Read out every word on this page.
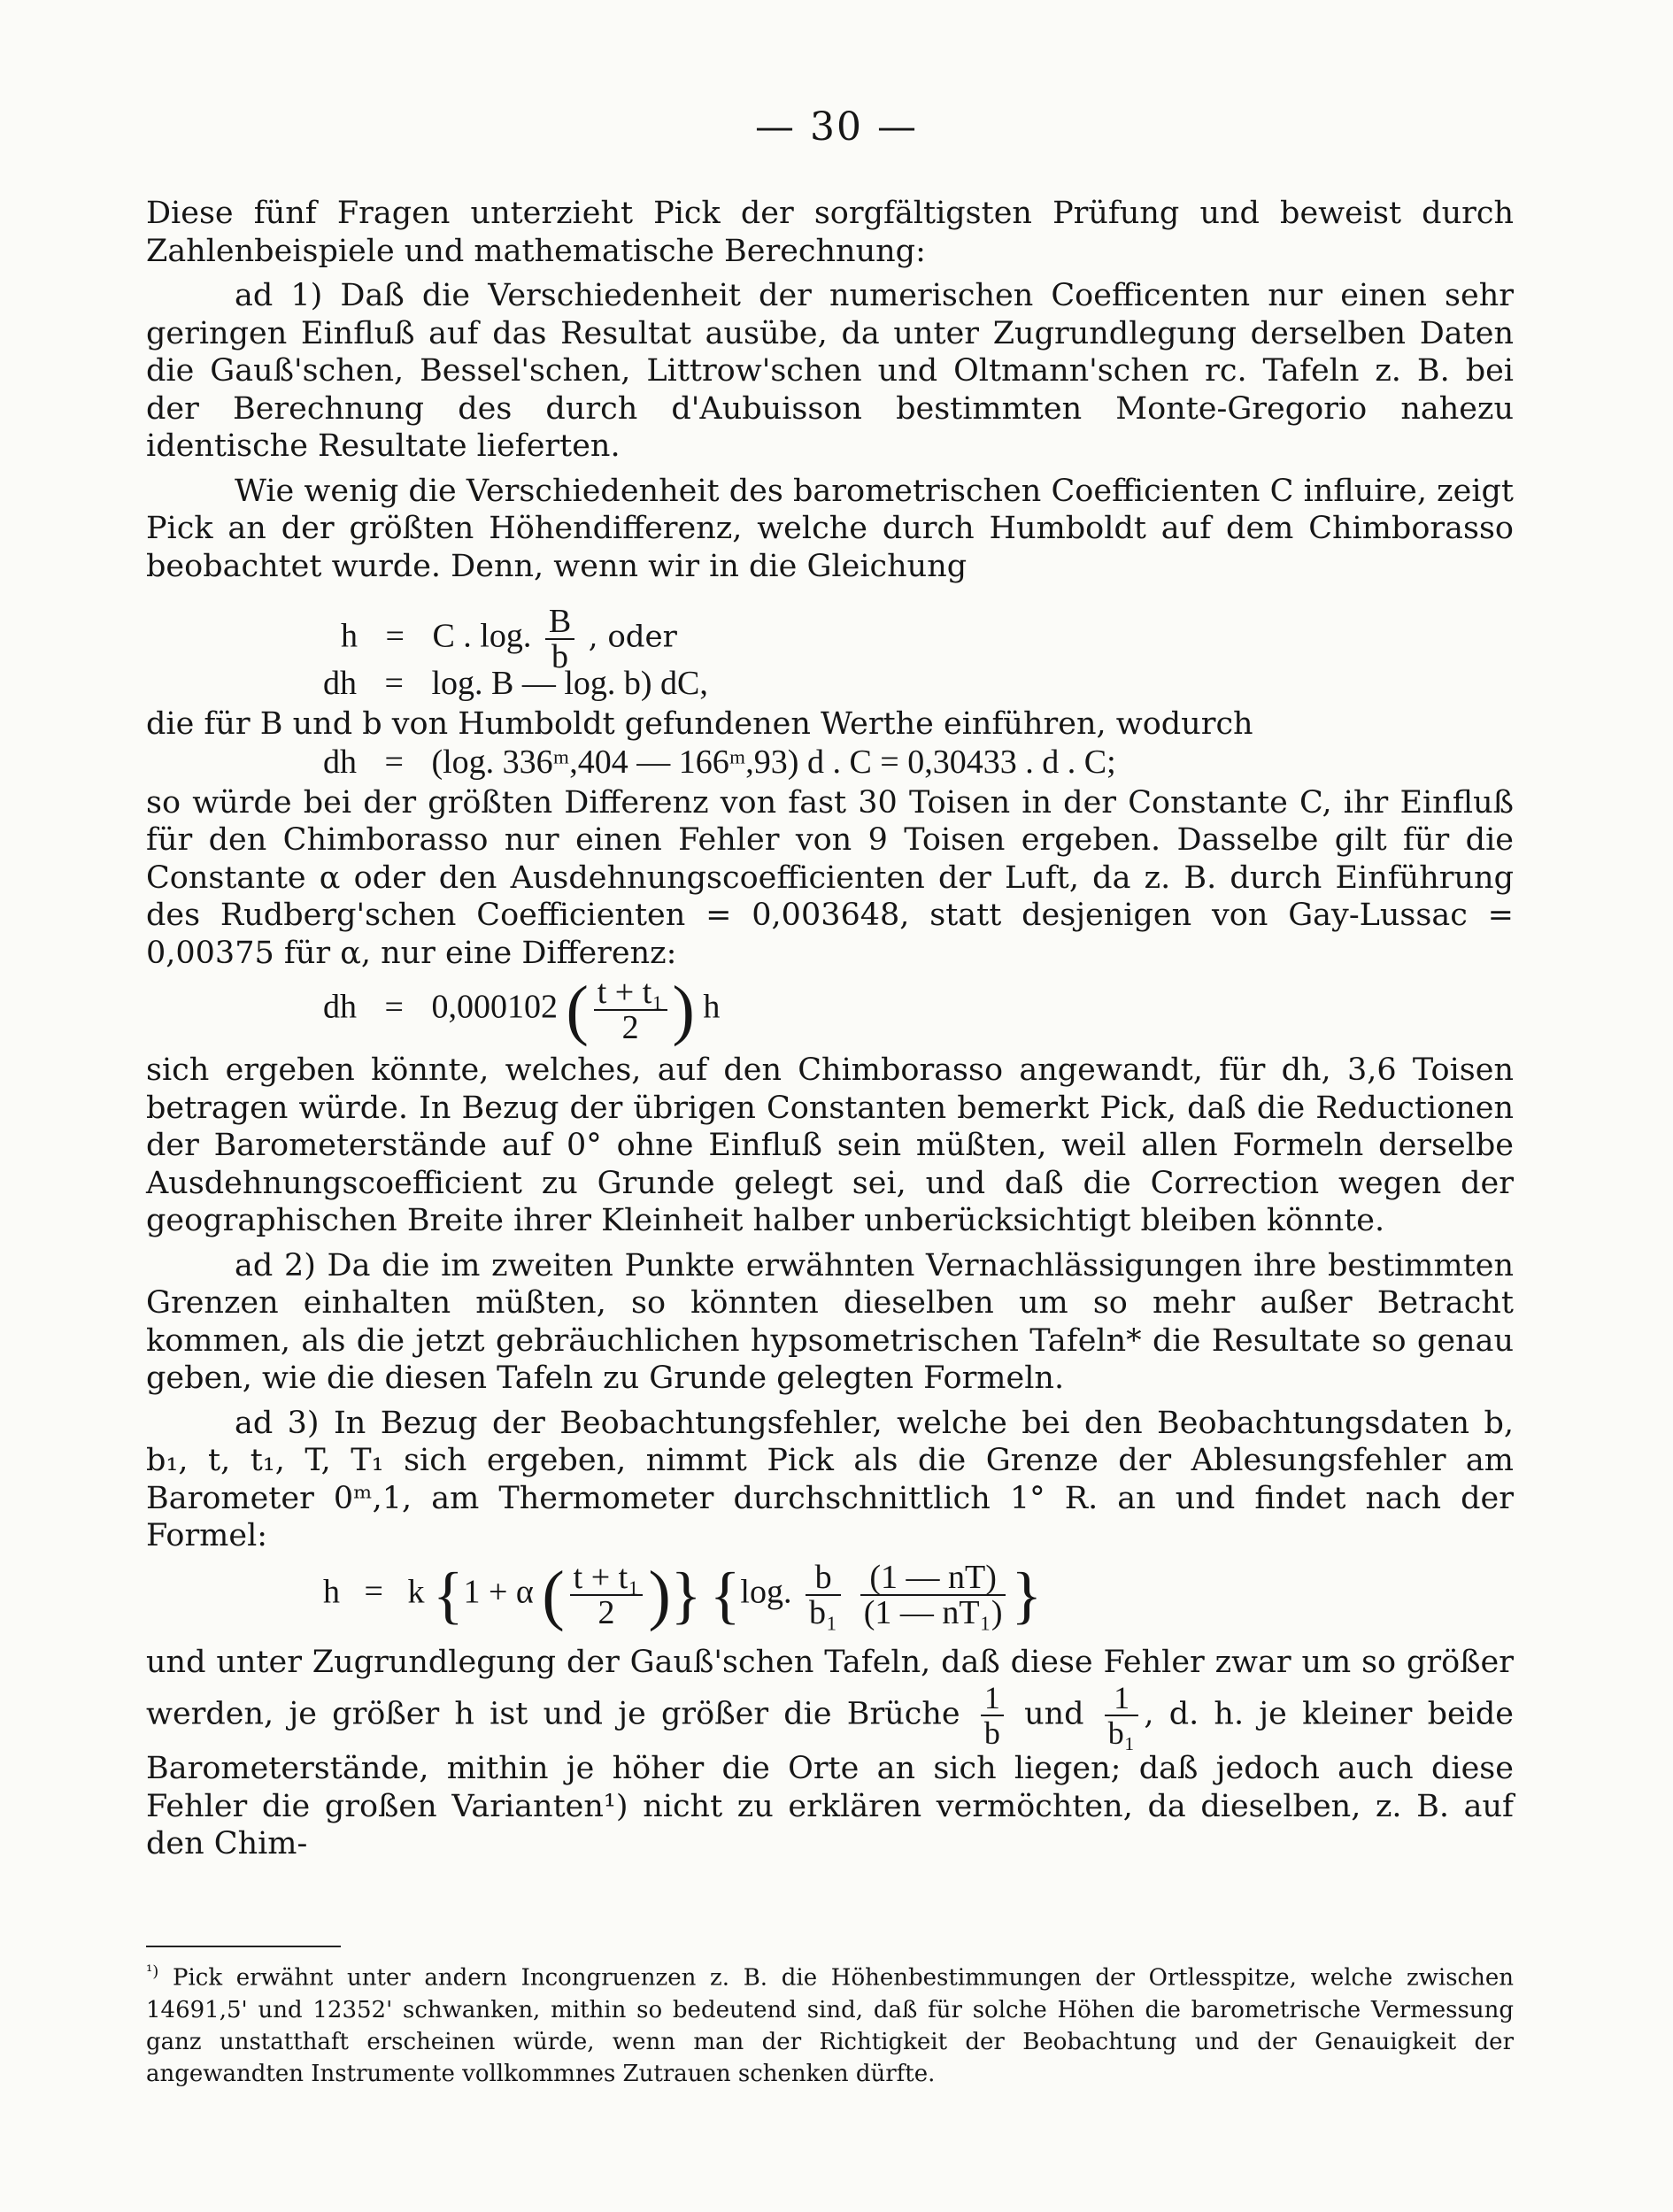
— 30 —

Diese fünf Fragen unterzieht Pick der sorgfältigsten Prüfung und beweist durch Zahlenbeispiele und mathematische Berechnung:

ad 1) Daß die Verschiedenheit der numerischen Coefficenten nur einen sehr geringen Einfluß auf das Resultat ausübe, da unter Zugrundlegung derselben Daten die Gauß'schen, Bessel'schen, Littrow'schen und Oltmann'schen rc. Tafeln z. B. bei der Berechnung des durch d'Aubuisson bestimmten Monte-Gregorio nahezu identische Resultate lieferten.

Wie wenig die Verschiedenheit des barometrischen Coefficienten C influire, zeigt Pick an der größten Höhendifferenz, welche durch Humboldt auf dem Chimborasso beobachtet wurde. Denn, wenn wir in die Gleichung

h = C . log. $\frac{B}{b}$ , oder
dh = log. B — log. b) dC,

die für B und b von Humboldt gefundenen Werthe einführen, wodurch

dh = (log. 336ᵐ,404 — 166ᵐ,93) d . C = 0,30433 . d . C;

so würde bei der größten Differenz von fast 30 Toisen in der Constante C, ihr Einfluß für den Chimborasso nur einen Fehler von 9 Toisen ergeben. Dasselbe gilt für die Constante α oder den Ausdehnungscoefficienten der Luft, da z. B. durch Einführung des Rudberg'schen Coefficienten = 0,003648, statt desjenigen von Gay-Lussac = 0,00375 für α, nur eine Differenz:

dh = 0,000102 ( $\frac{\text{t + t₁}}{2}$ ) h

sich ergeben könnte, welches, auf den Chimborasso angewandt, für dh, 3,6 Toisen betragen würde. In Bezug der übrigen Constanten bemerkt Pick, daß die Reductionen der Barometerstände auf 0° ohne Einfluß sein müßten, weil allen Formeln derselbe Ausdehnungscoefficient zu Grunde gelegt sei, und daß die Correction wegen der geographischen Breite ihrer Kleinheit halber unberücksichtigt bleiben könnte.

ad 2) Da die im zweiten Punkte erwähnten Vernachlässigungen ihre bestimmten Grenzen einhalten müßten, so könnten dieselben um so mehr außer Betracht kommen, als die jetzt gebräuchlichen hypsometrischen Tafeln* die Resultate so genau geben, wie die diesen Tafeln zu Grunde gelegten Formeln.

ad 3) In Bezug der Beobachtungsfehler, welche bei den Beobachtungsdaten b, b₁, t, t₁, T, T₁ sich ergeben, nimmt Pick als die Grenze der Ablesungsfehler am Barometer 0ᵐ,1, am Thermometer durchschnittlich 1° R. an und findet nach der Formel:

h = k {1 + α ( $\frac{\text{t + t₁}}{2}$ )} {log. $\frac{b}{\text{b₁}}$
$\frac{(1 — nT)}{\text{(1 — nT₁)}}$ }

und unter Zugrundlegung der Gauß'schen Tafeln, daß diese Fehler zwar um so größer werden, je größer h ist und je größer die Brüche $\frac{1}{b}$ und $\frac{1}{\text{b₁}}$ , d. h. je kleiner beide Barometerstände, mithin je höher die Orte an sich liegen; daß jedoch auch diese Fehler die großen Varianten¹) nicht zu erklären vermöchten, da dieselben, z. B. auf den Chim-

$^{^1)}$ Pick erwähnt unter andern Incongruenzen z. B. die Höhenbestimmungen der Ortlesspitze, welche zwischen 14691,5' und 12352' schwanken, mithin so bedeutend sind, daß für solche Höhen die barometrische Vermessung ganz unstatthaft erscheinen würde, wenn man der Richtigkeit der Beobachtung und der Genauigkeit der angewandten Instrumente vollkommnes Zutrauen schenken dürfte.
